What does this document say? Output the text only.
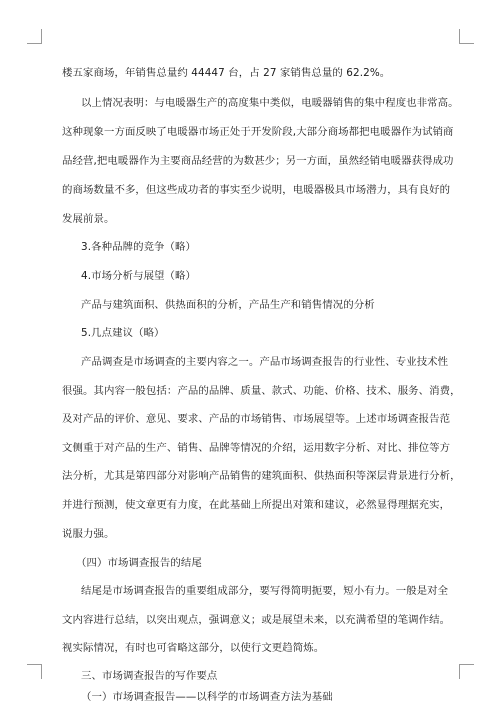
楼五家商场，年销售总量约 44447 台，占 27 家销售总量的 62.2%。
以上情况表明：与电暖器生产的高度集中类似，电暖器销售的集中程度也非常高。
这种现象一方面反映了电暖器市场正处于开发阶段,大部分商场都把电暖器作为试销商
品经营,把电暖器作为主要商品经营的为数甚少；另一方面，虽然经销电暖器获得成功
的商场数量不多，但这些成功者的事实至少说明，电暖器极具市场潜力，具有良好的
发展前景。
3.各种品牌的竞争（略）
4.市场分析与展望（略）
产品与建筑面积、供热面积的分析，产品生产和销售情况的分析
5.几点建议（略）
产品调查是市场调查的主要内容之一。产品市场调查报告的行业性、专业技术性
很强。其内容一般包括：产品的品牌、质量、款式、功能、价格、技术、服务、消费，
及对产品的评价、意见、要求、产品的市场销售、市场展望等。上述市场调查报告范
文侧重于对产品的生产、销售、品牌等情况的介绍，运用数字分析、对比、排位等方
法分析，尤其是第四部分对影响产品销售的建筑面积、供热面积等深层背景进行分析，
并进行预测，使文章更有力度，在此基础上所提出对策和建议，必然显得理据充实，
说服力强。
（四）市场调查报告的结尾
结尾是市场调查报告的重要组成部分，要写得简明扼要，短小有力。一般是对全
文内容进行总结，以突出观点，强调意义；或是展望未来，以充满希望的笔调作结。
视实际情况，有时也可省略这部分，以使行文更趋简炼。
三、市场调查报告的写作要点
（一）市场调查报告——以科学的市场调查方法为基础
